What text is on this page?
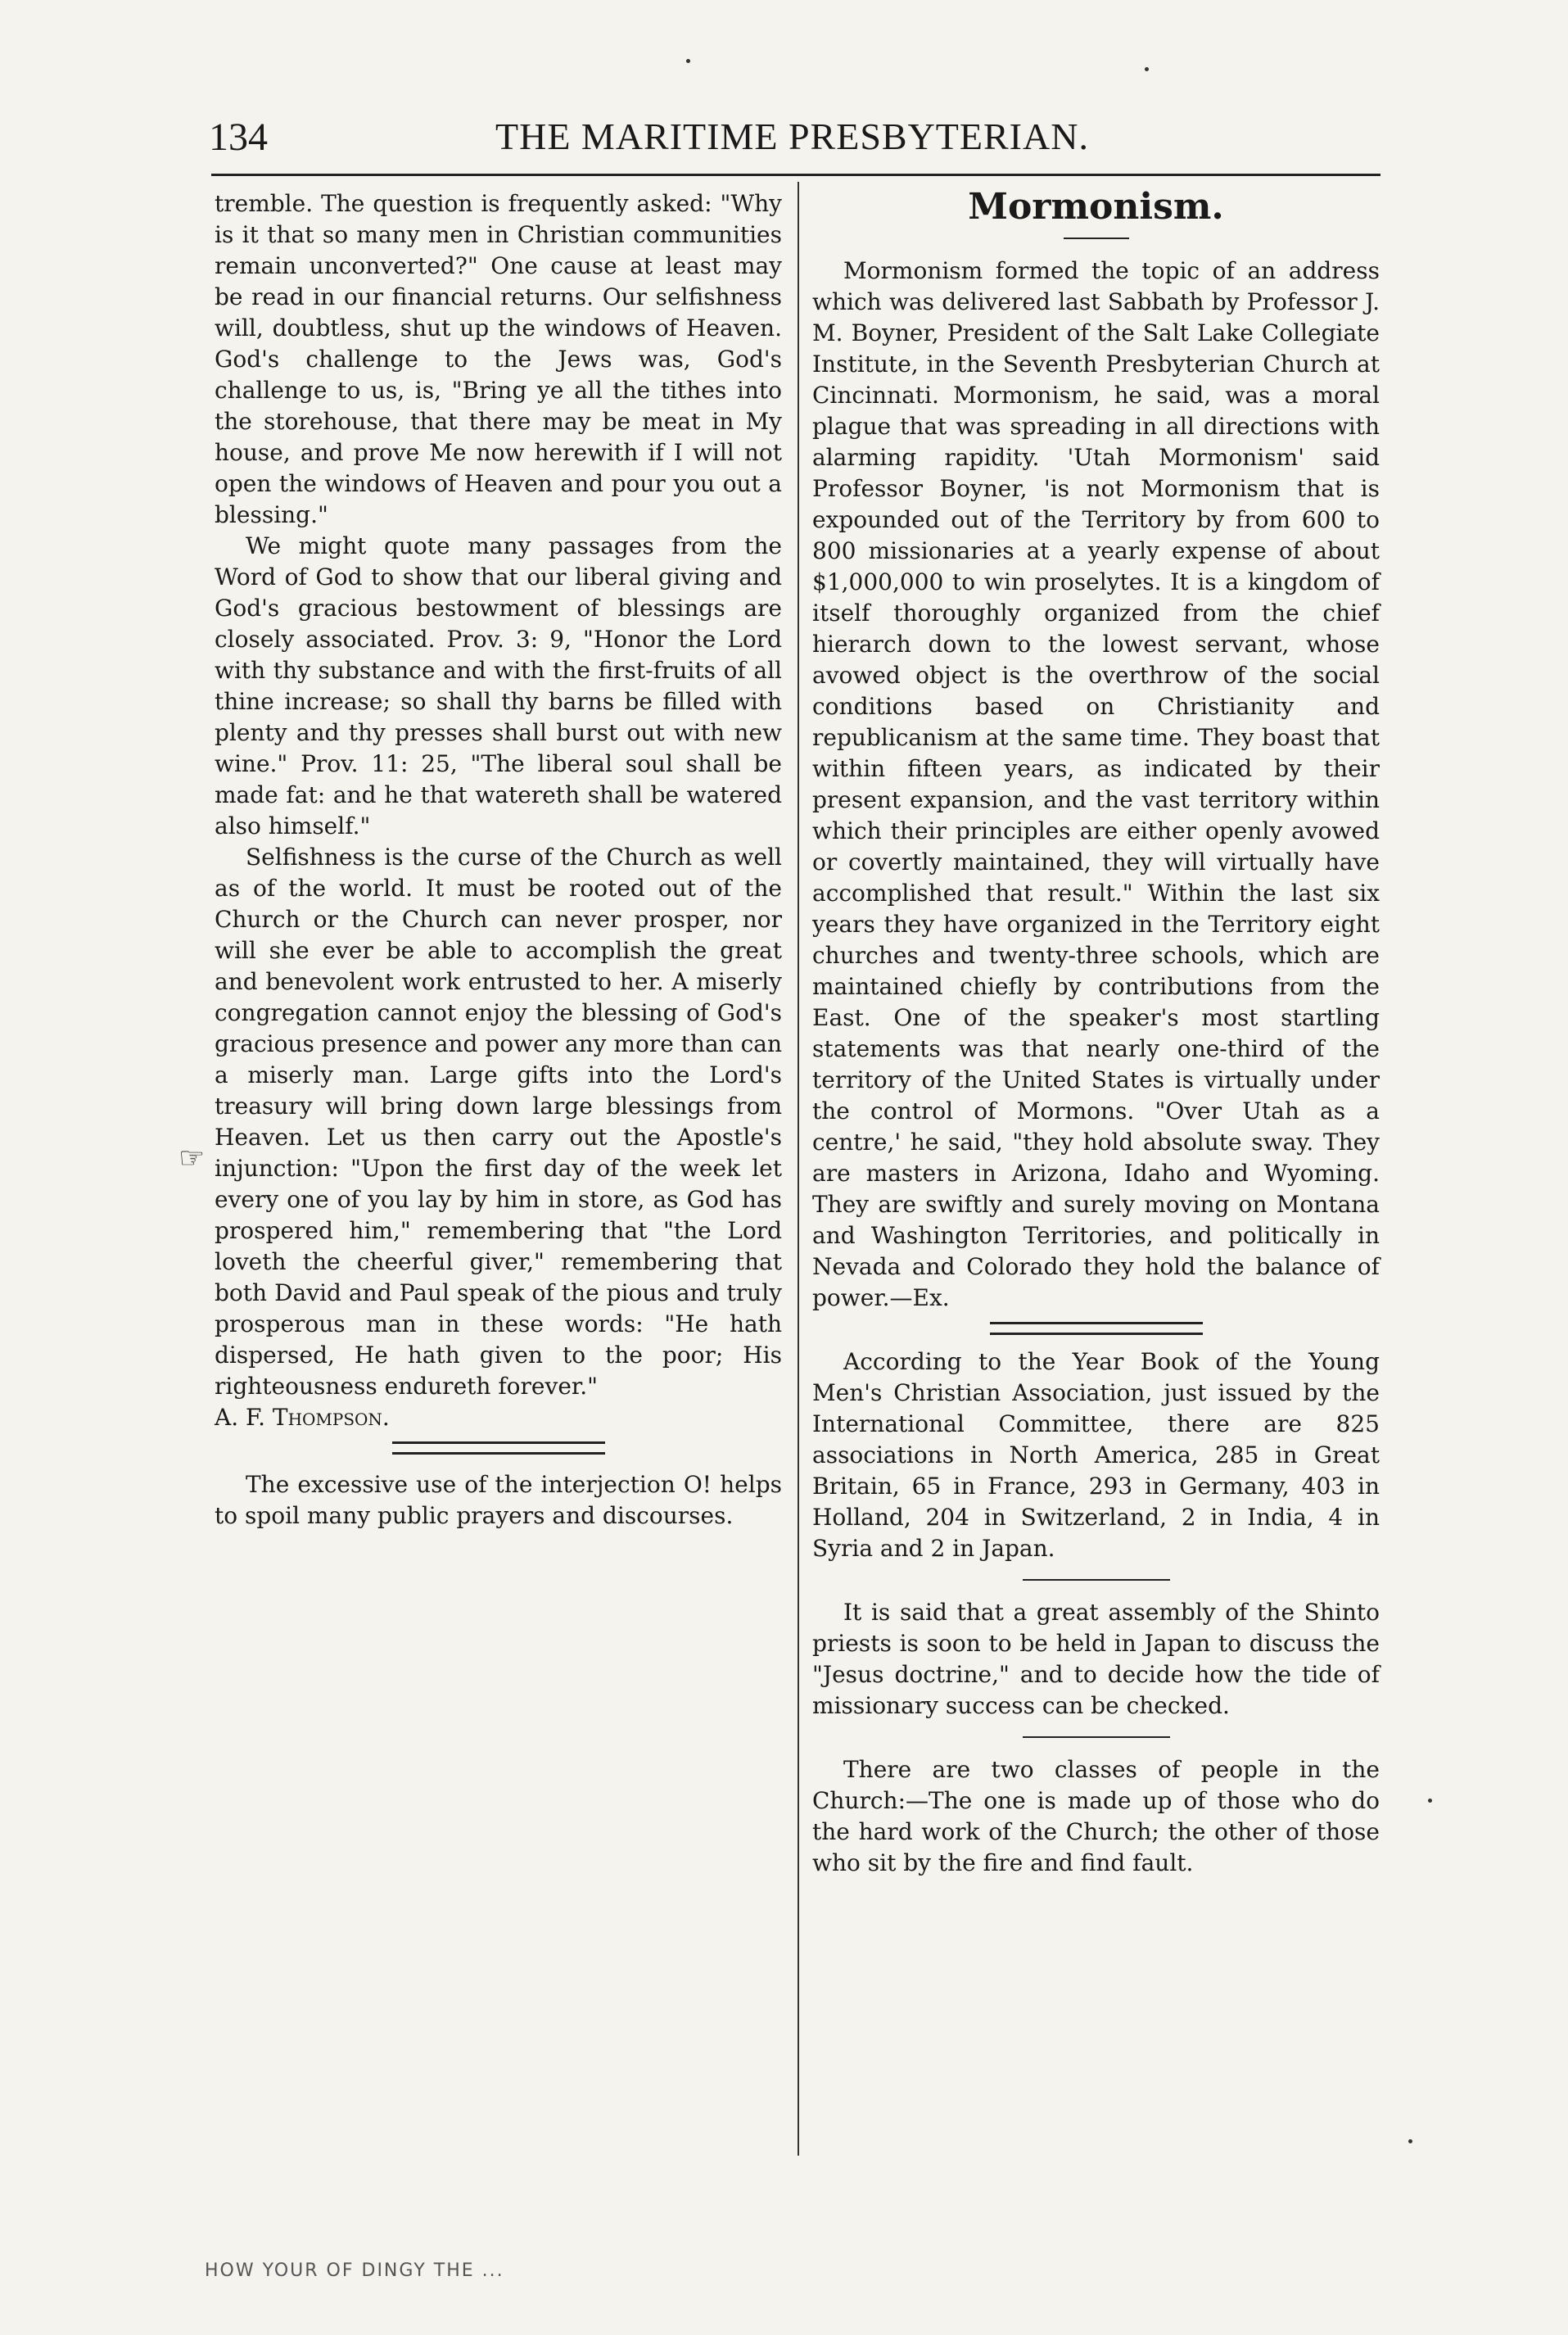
134	THE MARITIME PRESBYTERIAN.

tremble. The question is frequently asked: "Why is it that so many men in Christian communities remain unconverted?" One cause at least may be read in our financial returns. Our selfishness will, doubtless, shut up the windows of Heaven. God's challenge to the Jews was, God's challenge to us, is, "Bring ye all the tithes into the storehouse, that there may be meat in My house, and prove Me now herewith if I will not open the windows of Heaven and pour you out a blessing."

We might quote many passages from the Word of God to show that our liberal giving and God's gracious bestowment of blessings are closely associated. Prov. 3: 9, "Honor the Lord with thy substance and with the first-fruits of all thine increase; so shall thy barns be filled with plenty and thy presses shall burst out with new wine." Prov. 11: 25, "The liberal soul shall be made fat: and he that watereth shall be watered also himself."

Selfishness is the curse of the Church as well as of the world. It must be rooted out of the Church or the Church can never prosper, nor will she ever be able to accomplish the great and benevolent work entrusted to her. A miserly congregation cannot enjoy the blessing of God's gracious presence and power any more than can a miserly man. Large gifts into the Lord's treasury will bring down large blessings from Heaven. Let us then carry out the Apostle's injunction: "Upon the first day of the week let every one of you lay by him in store, as God has prospered him," remembering that "the Lord loveth the cheerful giver," remembering that both David and Paul speak of the pious and truly prosperous man in these words: "He hath dispersed, He hath given to the poor; His righteousness endureth forever."

A. F. Thompson.

The excessive use of the interjection O! helps to spoil many public prayers and discourses.

☞
Mormonism.

Mormonism formed the topic of an address which was delivered last Sabbath by Professor J. M. Boyner, President of the Salt Lake Collegiate Institute, in the Seventh Presbyterian Church at Cincinnati. Mormonism, he said, was a moral plague that was spreading in all directions with alarming rapidity. 'Utah Mormonism' said Professor Boyner, 'is not Mormonism that is expounded out of the Territory by from 600 to 800 missionaries at a yearly expense of about $1,000,000 to win proselytes. It is a kingdom of itself thoroughly organized from the chief hierarch down to the lowest servant, whose avowed object is the overthrow of the social conditions based on Christianity and republicanism at the same time. They boast that within fifteen years, as indicated by their present expansion, and the vast territory within which their principles are either openly avowed or covertly maintained, they will virtually have accomplished that result." Within the last six years they have organized in the Territory eight churches and twenty-three schools, which are maintained chiefly by contributions from the East. One of the speaker's most startling statements was that nearly one-third of the territory of the United States is virtually under the control of Mormons. "Over Utah as a centre,' he said, "they hold absolute sway. They are masters in Arizona, Idaho and Wyoming. They are swiftly and surely moving on Montana and Washington Territories, and politically in Nevada and Colorado they hold the balance of power.—Ex.

According to the Year Book of the Young Men's Christian Association, just issued by the International Committee, there are 825 associations in North America, 285 in Great Britain, 65 in France, 293 in Germany, 403 in Holland, 204 in Switzerland, 2 in India, 4 in Syria and 2 in Japan.

It is said that a great assembly of the Shinto priests is soon to be held in Japan to discuss the "Jesus doctrine," and to decide how the tide of missionary success can be checked.

There are two classes of people in the Church:—The one is made up of those who do the hard work of the Church; the other of those who sit by the fire and find fault.

HOW YOUR OF DINGY THE ...
